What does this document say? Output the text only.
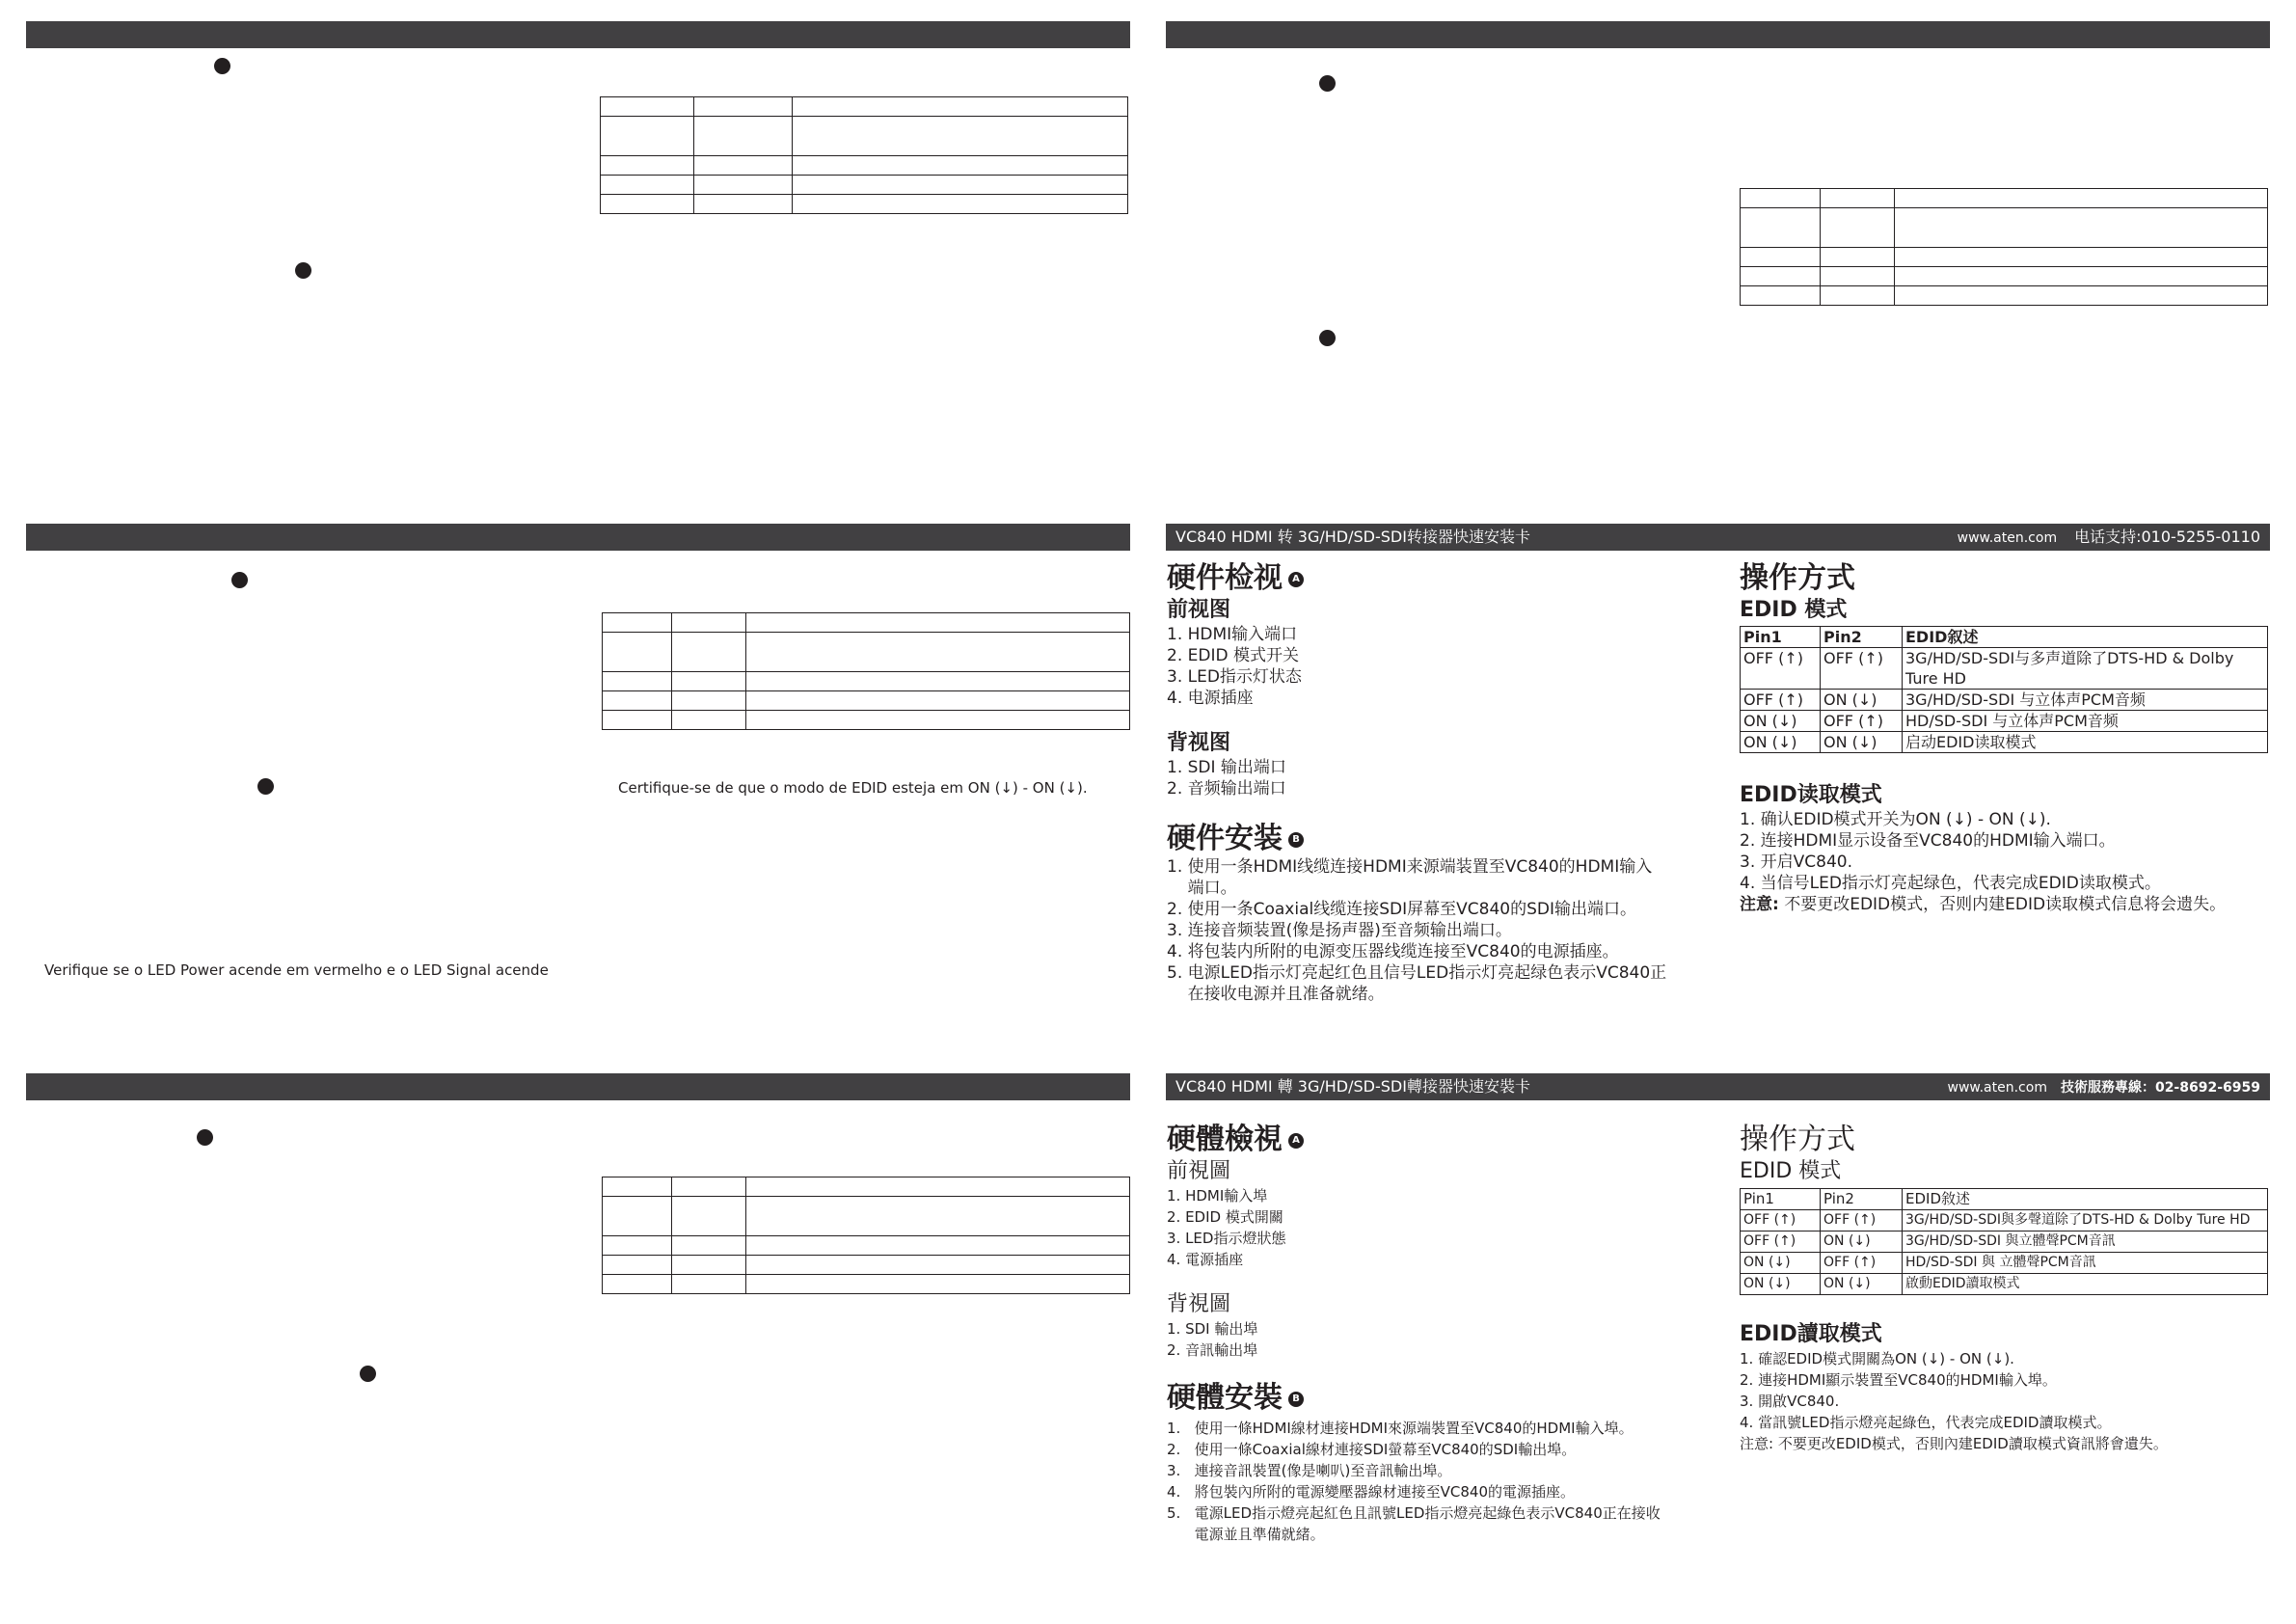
Certifique-se de que o modo de EDID esteja em ON (↓) - ON (↓).
Verifique se o LED Power acende em vermelho e o LED Signal acende

VC840 HDMI 转 3G/HD/SD-SDI转接器快速安装卡	www.aten.com 电话支持:010-5255-0110
硬件检视 A
前视图
1. HDMI输入端口
2. EDID 模式开关
3. LED指示灯状态
4. 电源插座
背视图
1. SDI 输出端口
2. 音频输出端口
硬件安装 B
1. 使用一条HDMI线缆连接HDMI来源端装置至VC840的HDMI输入
端口。
2. 使用一条Coaxial线缆连接SDI屏幕至VC840的SDI输出端口。
3. 连接音频装置(像是扬声器)至音频输出端口。
4. 将包装内所附的电源变压器线缆连接至VC840的电源插座。
5. 电源LED指示灯亮起红色且信号LED指示灯亮起绿色表示VC840正
在接收电源并且准备就绪。
操作方式
EDID 模式
Pin1	Pin2	EDID叙述
OFF (↑)	OFF (↑)	3G/HD/SD-SDI与多声道除了DTS-HD & Dolby Ture HD
OFF (↑)	ON (↓)	3G/HD/SD-SDI 与立体声PCM音频
ON (↓)	OFF (↑)	HD/SD-SDI 与立体声PCM音频
ON (↓)	ON (↓)	启动EDID读取模式
EDID读取模式
1. 确认EDID模式开关为ON (↓) - ON (↓).
2. 连接HDMI显示设备至VC840的HDMI输入端口。
3. 开启VC840.
4. 当信号LED指示灯亮起绿色，代表完成EDID读取模式。
注意: 不要更改EDID模式，否则内建EDID读取模式信息将会遗失。
VC840 HDMI 轉 3G/HD/SD-SDI轉接器快速安裝卡	www.aten.com 技術服務專線：02-8692-6959
硬體檢視 A
前視圖
1. HDMI輸入埠
2. EDID 模式開關
3. LED指示燈狀態
4. 電源插座
背視圖
1. SDI 輸出埠
2. 音訊輸出埠
硬體安裝 B
1.   使用一條HDMI線材連接HDMI來源端裝置至VC840的HDMI輸入埠。
2.   使用一條Coaxial線材連接SDI螢幕至VC840的SDI輸出埠。
3.   連接音訊裝置(像是喇叭)至音訊輸出埠。
4.   將包裝內所附的電源變壓器線材連接至VC840的電源插座。
5.   電源LED指示燈亮起紅色且訊號LED指示燈亮起綠色表示VC840正在接收
電源並且準備就緒。
操作方式
EDID 模式
Pin1	Pin2	EDID敘述
OFF (↑)	OFF (↑)	3G/HD/SD-SDI與多聲道除了DTS-HD & Dolby Ture HD
OFF (↑)	ON (↓)	3G/HD/SD-SDI 與立體聲PCM音訊
ON (↓)	OFF (↑)	HD/SD-SDI 與 立體聲PCM音訊
ON (↓)	ON (↓)	啟動EDID讀取模式
EDID讀取模式
1. 確認EDID模式開關為ON (↓) - ON (↓).
2. 連接HDMI顯示裝置至VC840的HDMI輸入埠。
3. 開啟VC840.
4. 當訊號LED指示燈亮起綠色，代表完成EDID讀取模式。
注意: 不要更改EDID模式，否則內建EDID讀取模式資訊將會遺失。
